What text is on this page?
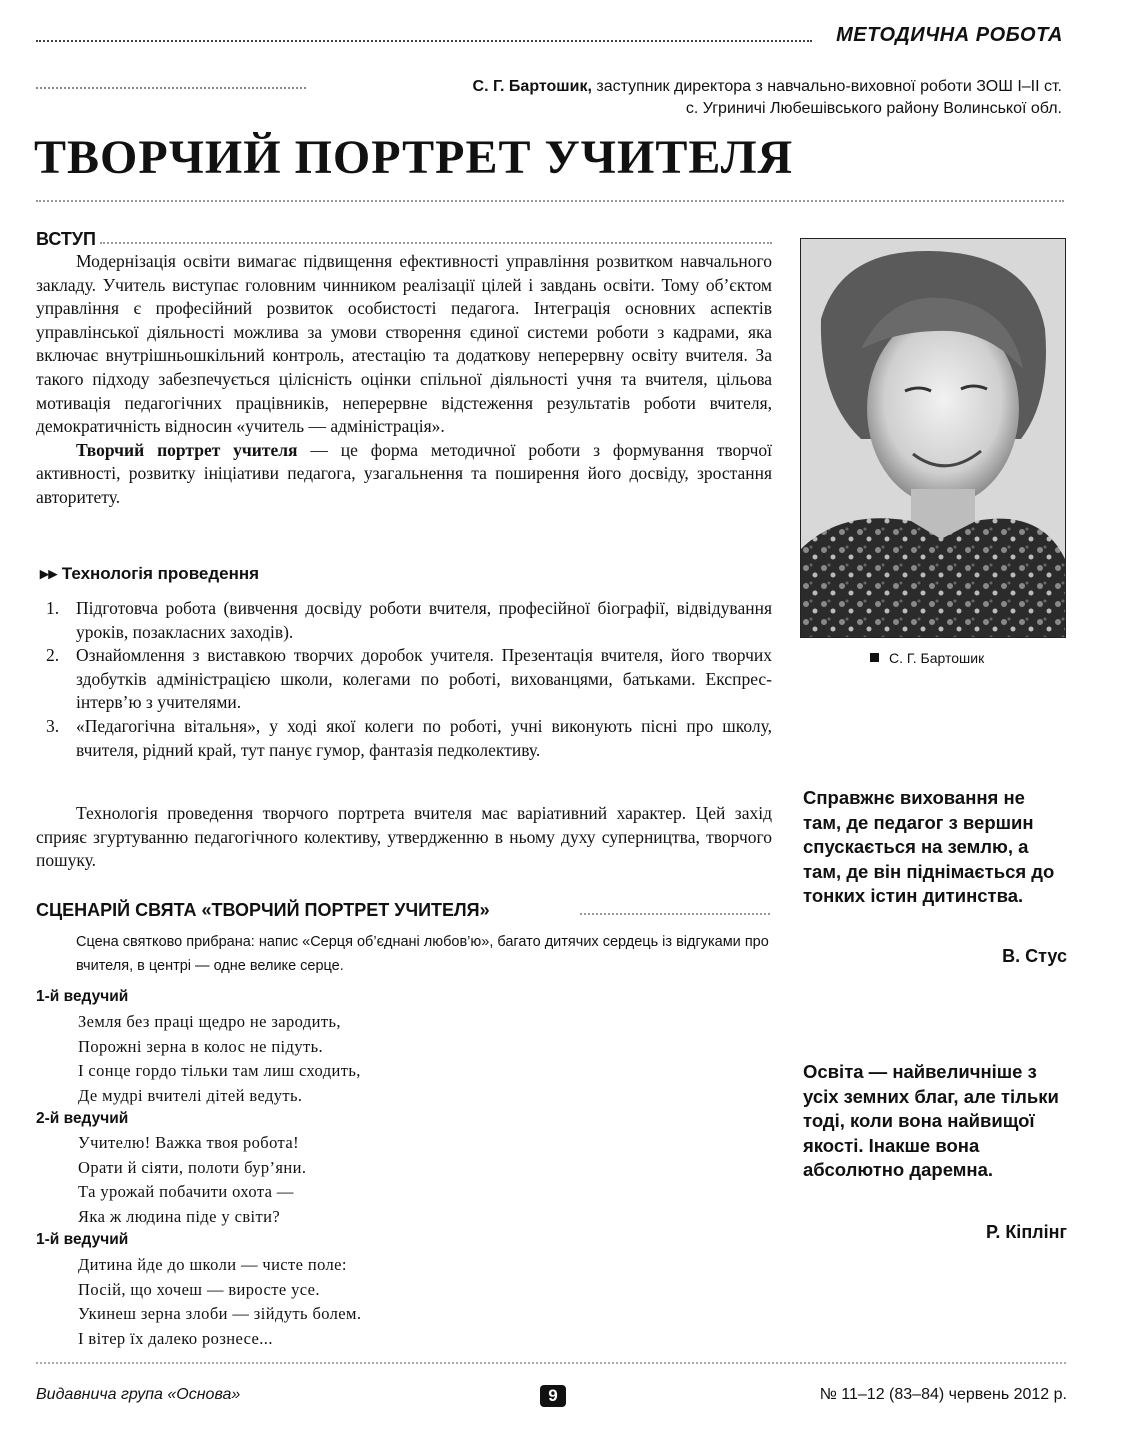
МЕТОДИЧНА РОБОТА
С. Г. Бартошик, заступник директора з навчально-виховної роботи ЗОШ І–ІІ ст.
с. Угриничі Любешівського району Волинської обл.
ТВОРЧИЙ ПОРТРЕТ УЧИТЕЛЯ
ВСТУП

Модернізація освіти вимагає підвищення ефективності управління розвитком навчального закладу. Учитель виступає головним чинником реалізації цілей і завдань освіти. Тому об’єктом управління є професійний розвиток особистості педагога. Інтеграція основних аспектів управлінської діяльності можлива за умови створення єдиної системи роботи з кадрами, яка включає внутрішньошкільний контроль, атестацію та додаткову неперервну освіту вчителя. За такого підходу забезпечується цілісність оцінки спільної діяльності учня та вчителя, цільова мотивація педагогічних працівників, неперервне відстеження результатів роботи вчителя, демократичність відносин «учитель — адміністрація».

Творчий портрет учителя — це форма методичної роботи з формування творчої активності, розвитку ініціативи педагога, узагальнення та поширення його досвіду, зростання авторитету.

▸▸ Технологія проведення
1. Підготовча робота (вивчення досвіду роботи вчителя, професійної біографії, відвідування уроків, позакласних заходів).
2. Ознайомлення з виставкою творчих доробок учителя. Презентація вчителя, його творчих здобутків адміністрацією школи, колегами по роботі, вихованцями, батьками. Експрес-інтерв’ю з учителями.
3. «Педагогічна вітальня», у ході якої колеги по роботі, учні виконують пісні про школу, вчителя, рідний край, тут панує гумор, фантазія педколективу.

Технологія проведення творчого портрета вчителя має варіативний характер. Цей захід сприяє згуртуванню педагогічного колективу, утвердженню в ньому духу суперництва, творчого пошуку.

СЦЕНАРІЙ СВЯТА «ТВОРЧИЙ ПОРТРЕТ УЧИТЕЛЯ»

Сцена святково прибрана: напис «Серця об’єднані любов’ю», багато дитячих сердець із відгуками про вчителя, в центрі — одне велике серце.

1-й ведучий
Земля без праці щедро не зародить,
Порожні зерна в колос не підуть.
І сонце гордо тільки там лиш сходить,
Де мудрі вчителі дітей ведуть.
2-й ведучий
Учителю! Важка твоя робота!
Орати й сіяти, полоти бур’яни.
Та урожай побачити охота —
Яка ж людина піде у світи?
1-й ведучий
Дитина йде до школи — чисте поле:
Посій, що хочеш — виросте усе.
Укинеш зерна злоби — зійдуть болем.
І вітер їх далеко рознесе...
С. Г. Бартошик

Справжнє виховання не там, де педагог з вершин спускається на землю, а там, де він піднімається до тонких істин дитинства.

В. Стус

Освіта — найвеличніше з усіх земних благ, але тільки тоді, коли вона найвищої якості. Інакше вона абсолютно даремна.

Р. Кіплінг
Видавнича група «Основа»	9	№ 11–12 (83–84) червень 2012 р.
